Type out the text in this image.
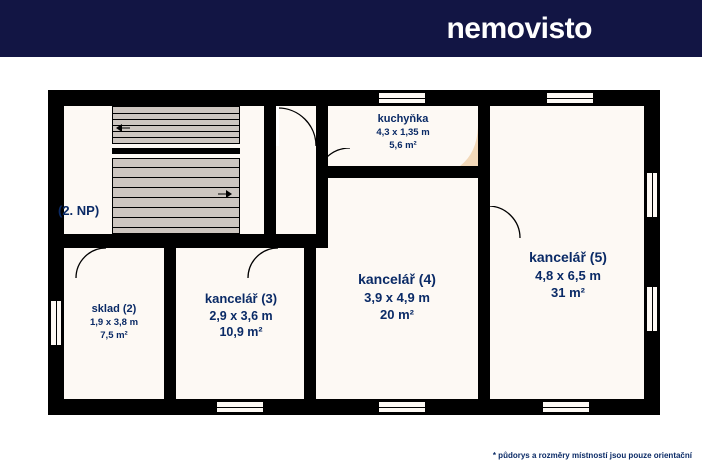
nemovisto
(2. NP)
kuchyňka
4,3 x 1,35 m
5,6 m²
kancelář (5)
4,8 x 6,5 m
31 m²
kancelář (4)
3,9 x 4,9 m
20 m²
kancelář (3)
2,9 x 3,6 m
10,9 m²
sklad (2)
1,9 x 3,8 m
7,5 m²
* půdorys a rozměry místností jsou pouze orientační
